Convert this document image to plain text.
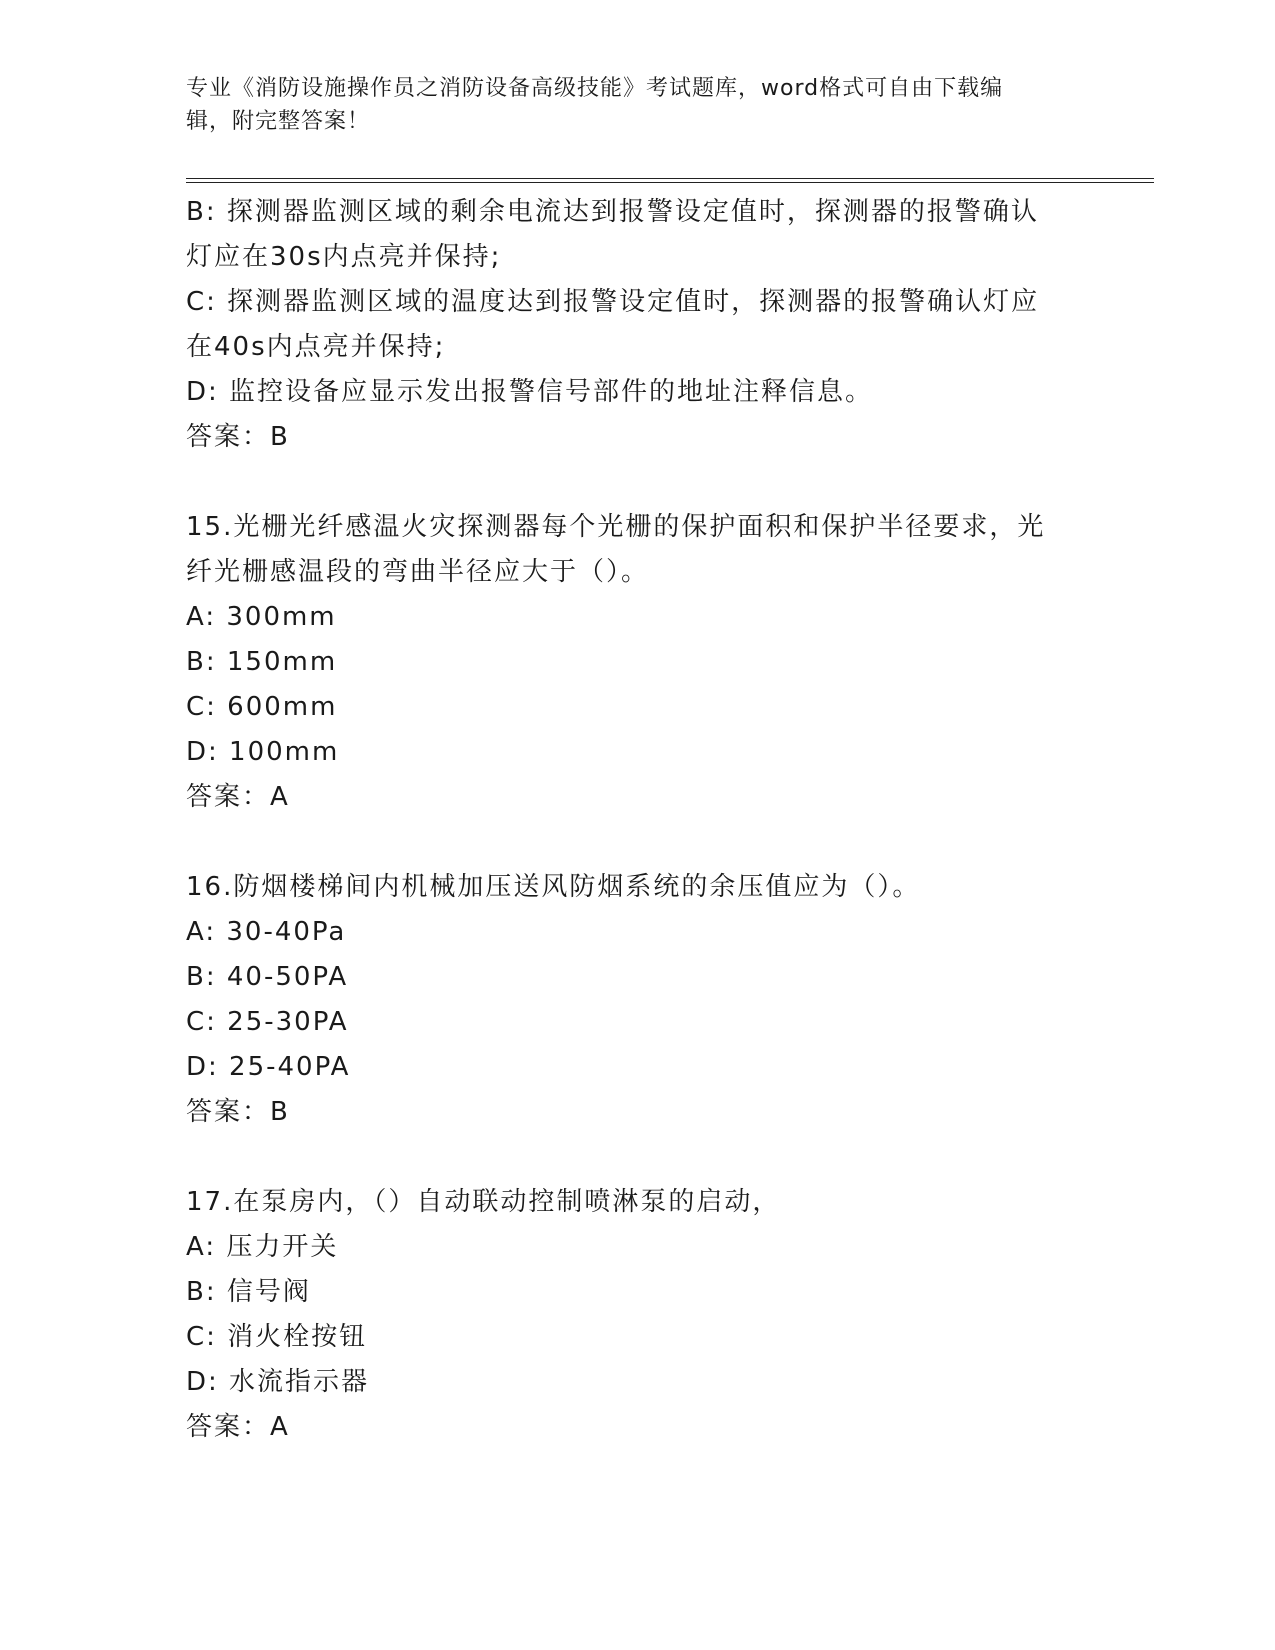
专业《消防设施操作员之消防设备高级技能》考试题库，word格式可自由下载编
辑，附完整答案！
B: 探测器监测区域的剩余电流达到报警设定值时，探测器的报警确认
灯应在30s内点亮并保持;
C: 探测器监测区域的温度达到报警设定值时，探测器的报警确认灯应
在40s内点亮并保持;
D: 监控设备应显示发出报警信号部件的地址注释信息。
答案：B
15.光栅光纤感温火灾探测器每个光栅的保护面积和保护半径要求，光
纤光栅感温段的弯曲半径应大于（）。
A: 300mm
B: 150mm
C: 600mm
D: 100mm
答案：A
16.防烟楼梯间内机械加压送风防烟系统的余压值应为（）。
A: 30-40Pa
B: 40-50PA
C: 25-30PA
D: 25-40PA
答案：B
17.在泵房内，（）自动联动控制喷淋泵的启动，
A: 压力开关
B: 信号阀
C: 消火栓按钮
D: 水流指示器
答案：A
